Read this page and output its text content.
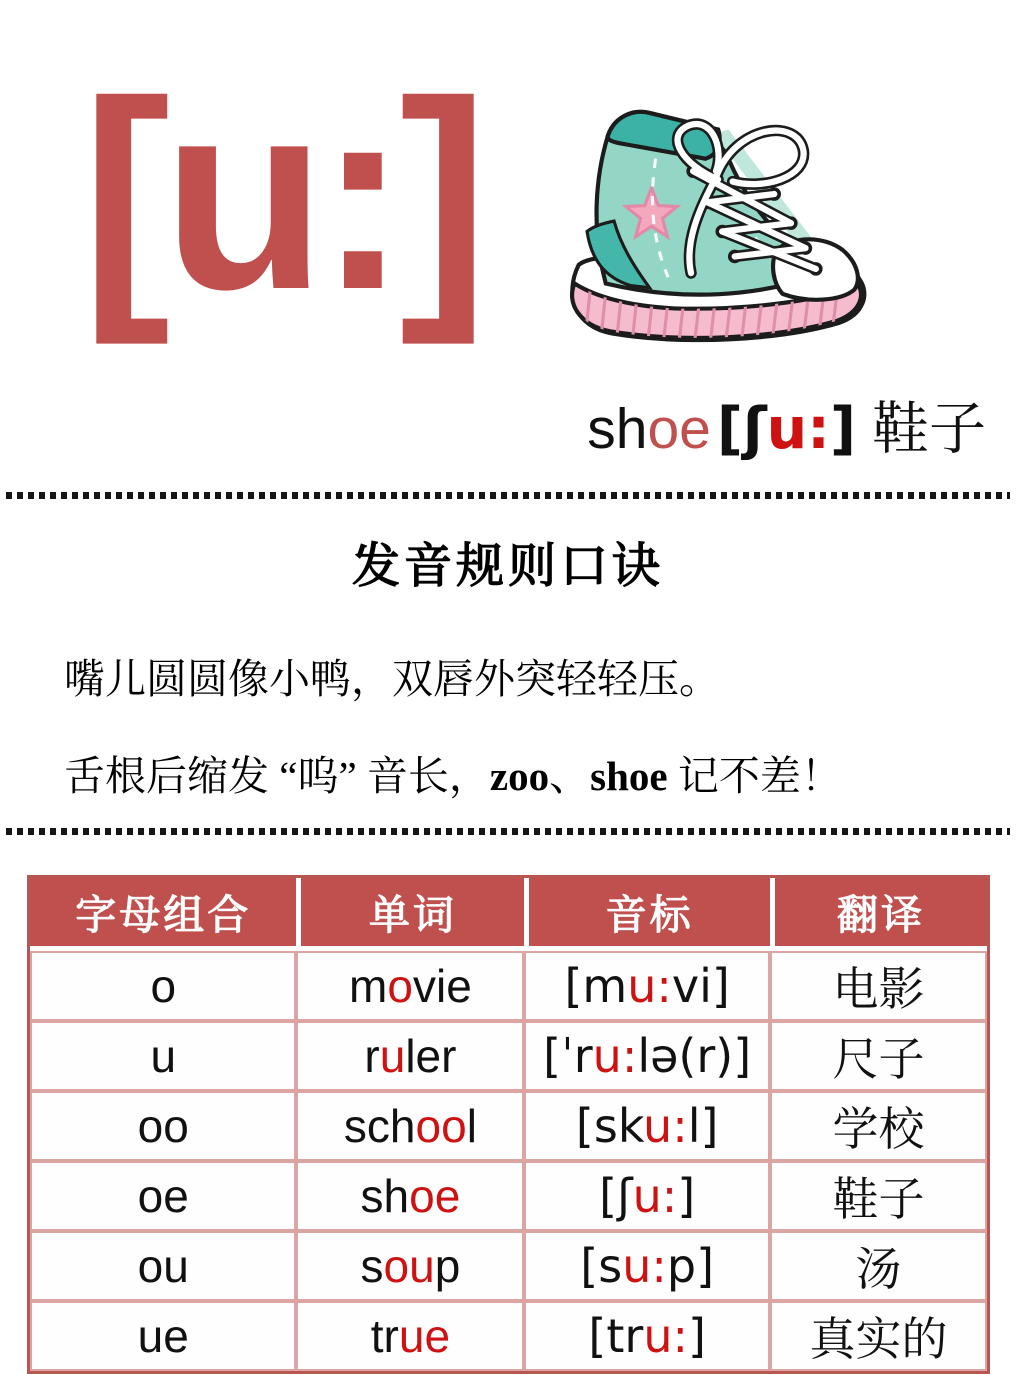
[u:]
shoe [ʃu:] 鞋子
发音规则口诀

嘴儿圆圆像小鸭，双唇外突轻轻压。

舌根后缩发 “呜” 音长，zoo、shoe 记不差！

字母组合	单词	音标	翻译
o	movie	[mu:vi]	电影
u	ruler	[ˈru:lə(r)]	尺子
oo	school	[sku:l]	学校
oe	shoe	[ʃu:]	鞋子
ou	soup	[su:p]	汤
ue	true	[tru:]	真实的
